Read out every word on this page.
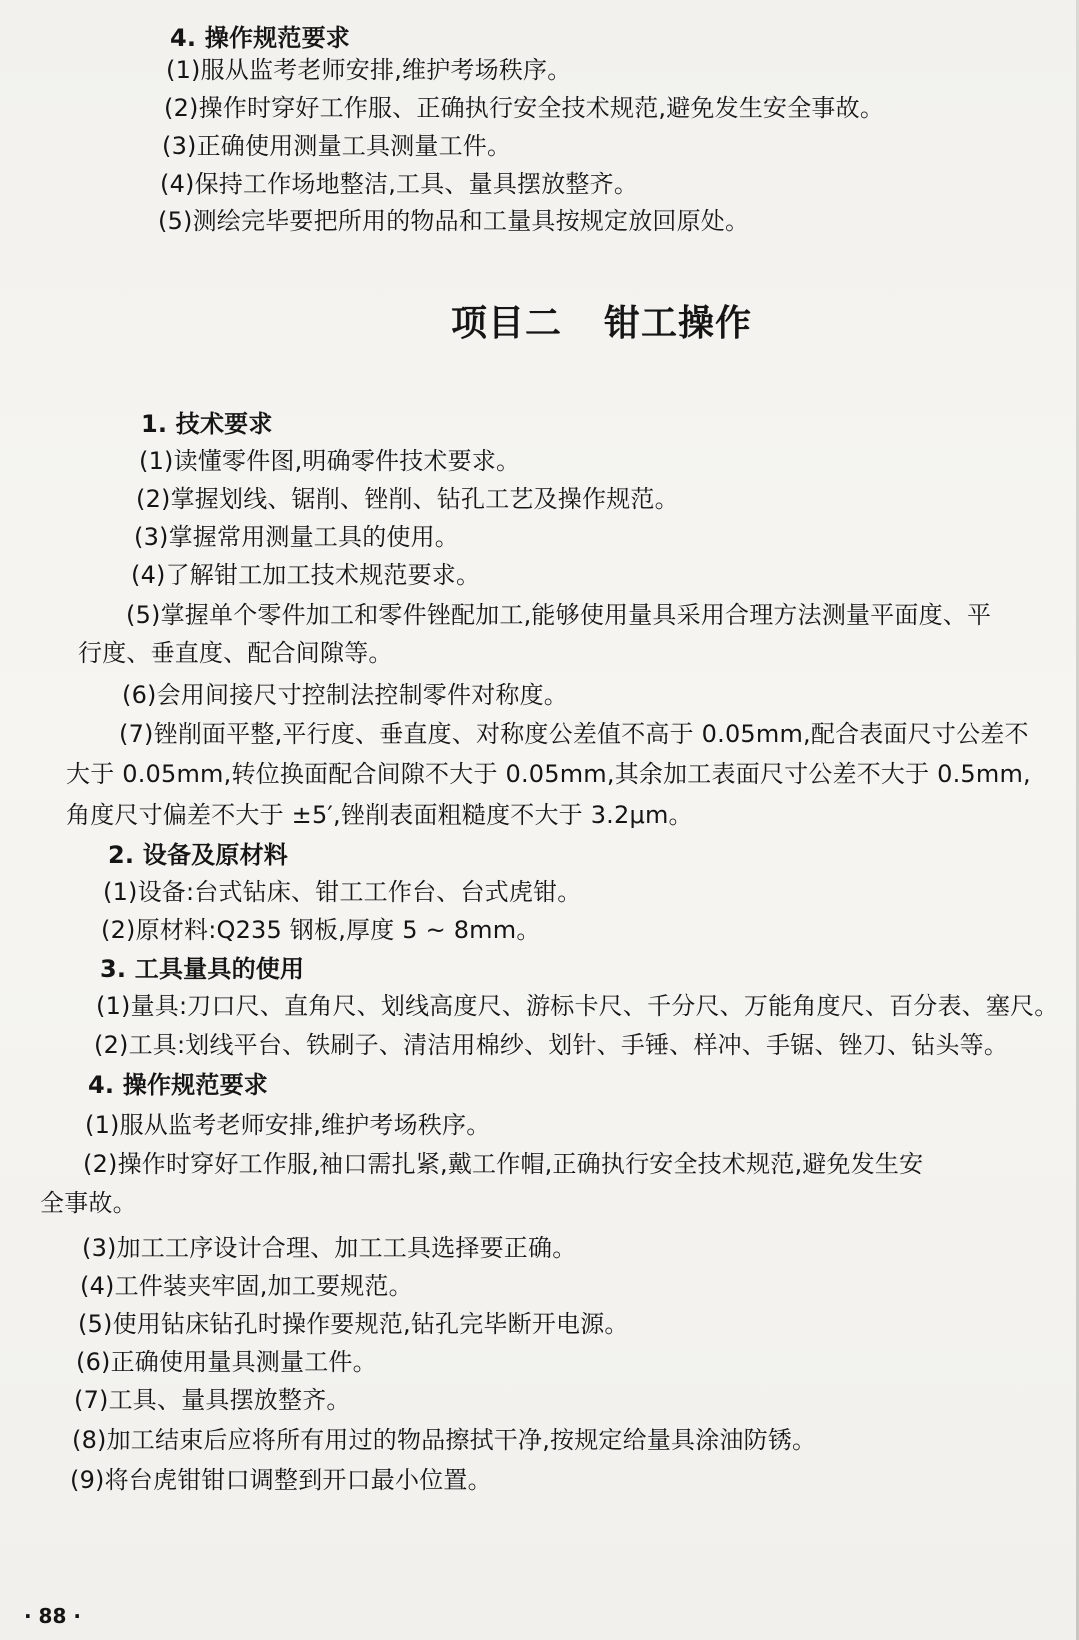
4. 操作规范要求
(1)服从监考老师安排,维护考场秩序。
(2)操作时穿好工作服、正确执行安全技术规范,避免发生安全事故。
(3)正确使用测量工具测量工件。
(4)保持工作场地整洁,工具、量具摆放整齐。
(5)测绘完毕要把所用的物品和工量具按规定放回原处。
项目二 钳工操作
1. 技术要求
(1)读懂零件图,明确零件技术要求。
(2)掌握划线、锯削、锉削、钻孔工艺及操作规范。
(3)掌握常用测量工具的使用。
(4)了解钳工加工技术规范要求。
(5)掌握单个零件加工和零件锉配加工,能够使用量具采用合理方法测量平面度、平
行度、垂直度、配合间隙等。
(6)会用间接尺寸控制法控制零件对称度。
(7)锉削面平整,平行度、垂直度、对称度公差值不高于 0.05mm,配合表面尺寸公差不
大于 0.05mm,转位换面配合间隙不大于 0.05mm,其余加工表面尺寸公差不大于 0.5mm,
角度尺寸偏差不大于 ±5′,锉削表面粗糙度不大于 3.2μm。
2. 设备及原材料
(1)设备:台式钻床、钳工工作台、台式虎钳。
(2)原材料:Q235 钢板,厚度 5 ~ 8mm。
3. 工具量具的使用
(1)量具:刀口尺、直角尺、划线高度尺、游标卡尺、千分尺、万能角度尺、百分表、塞尺。
(2)工具:划线平台、铁刷子、清洁用棉纱、划针、手锤、样冲、手锯、锉刀、钻头等。
4. 操作规范要求
(1)服从监考老师安排,维护考场秩序。
(2)操作时穿好工作服,袖口需扎紧,戴工作帽,正确执行安全技术规范,避免发生安
全事故。
(3)加工工序设计合理、加工工具选择要正确。
(4)工件装夹牢固,加工要规范。
(5)使用钻床钻孔时操作要规范,钻孔完毕断开电源。
(6)正确使用量具测量工件。
(7)工具、量具摆放整齐。
(8)加工结束后应将所有用过的物品擦拭干净,按规定给量具涂油防锈。
(9)将台虎钳钳口调整到开口最小位置。
· 88 ·
